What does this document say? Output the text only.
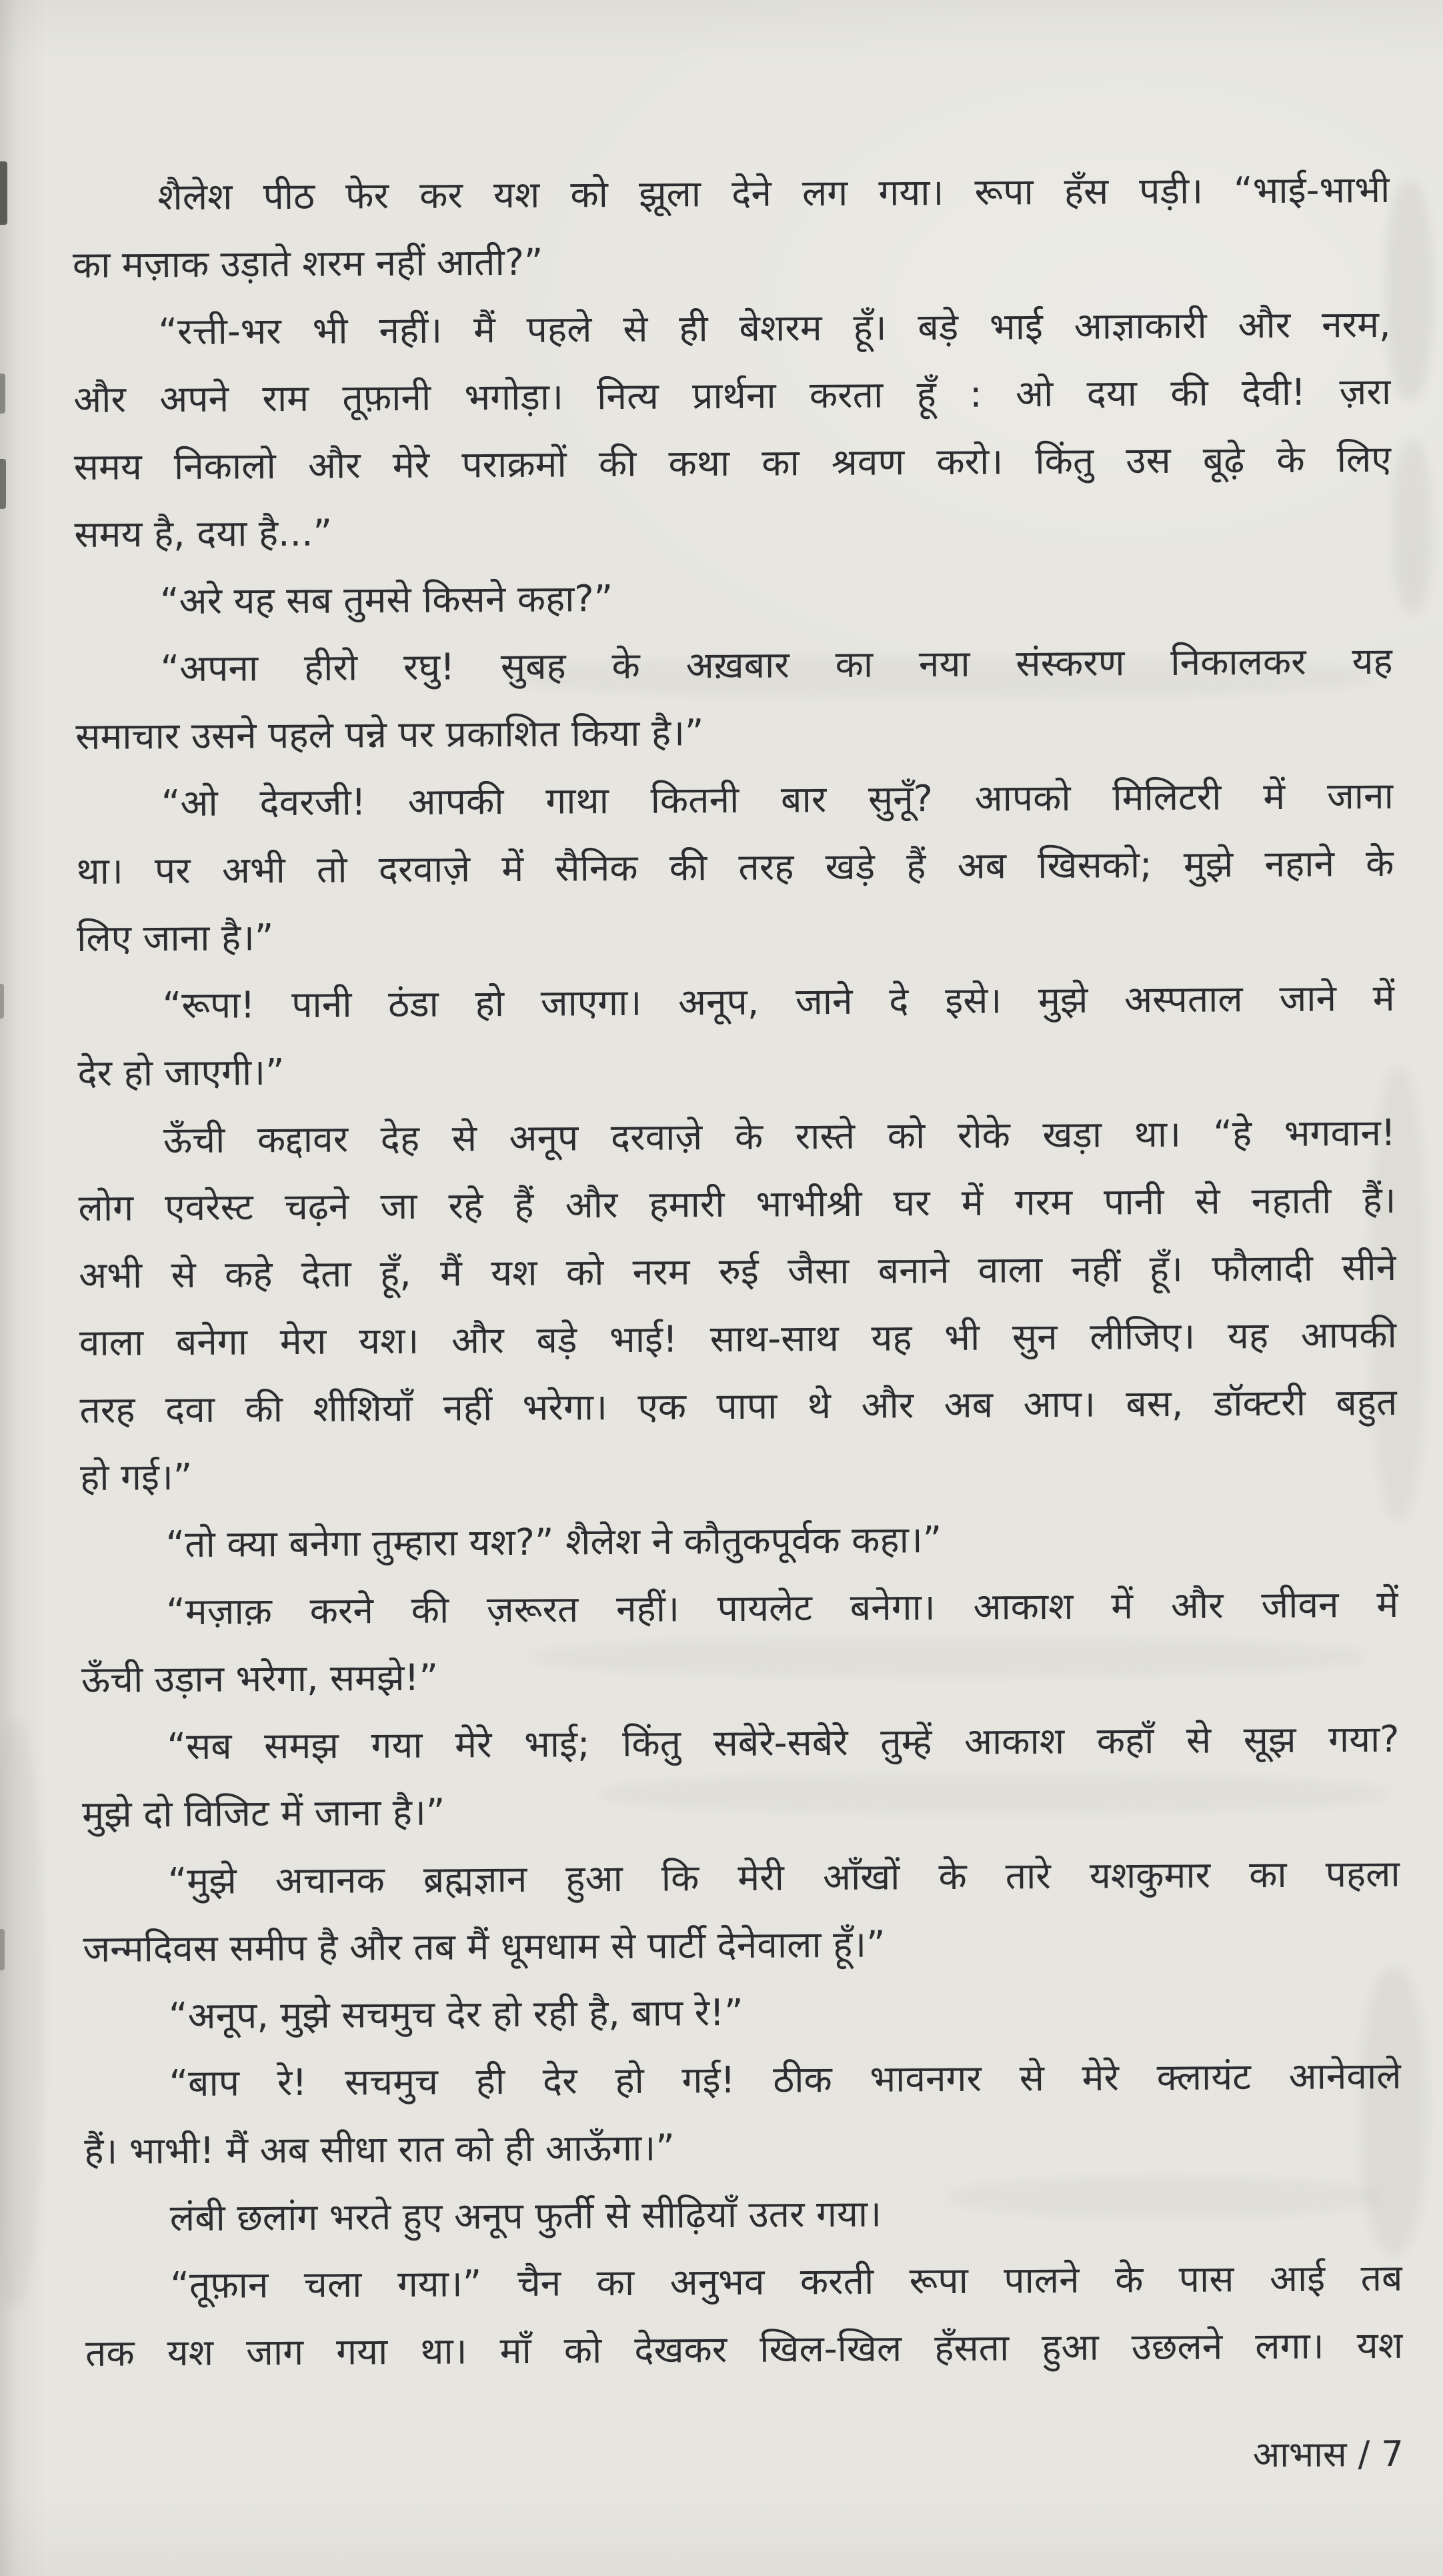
शैलेश पीठ फेर कर यश को झूला देने लग गया। रूपा हँस पड़ी। “भाई-भाभी
का मज़ाक उड़ाते शरम नहीं आती?”
“रत्ती-भर भी नहीं। मैं पहले से ही बेशरम हूँ। बड़े भाई आज्ञाकारी और नरम,
और अपने राम तूफ़ानी भगोड़ा। नित्य प्रार्थना करता हूँ : ओ दया की देवी! ज़रा
समय निकालो और मेरे पराक्रमों की कथा का श्रवण करो। किंतु उस बूढ़े के लिए
समय है, दया है...”
“अरे यह सब तुमसे किसने कहा?”
“अपना हीरो रघु! सुबह के अख़बार का नया संस्करण निकालकर यह
समाचार उसने पहले पन्ने पर प्रकाशित किया है।”
“ओ देवरजी! आपकी गाथा कितनी बार सुनूँ? आपको मिलिटरी में जाना
था। पर अभी तो दरवाज़े में सैनिक की तरह खड़े हैं अब खिसको; मुझे नहाने के
लिए जाना है।”
“रूपा! पानी ठंडा हो जाएगा। अनूप, जाने दे इसे। मुझे अस्पताल जाने में
देर हो जाएगी।”
ऊँची कद्दावर देह से अनूप दरवाज़े के रास्ते को रोके खड़ा था। “हे भगवान!
लोग एवरेस्ट चढ़ने जा रहे हैं और हमारी भाभीश्री घर में गरम पानी से नहाती हैं।
अभी से कहे देता हूँ, मैं यश को नरम रुई जैसा बनाने वाला नहीं हूँ। फौलादी सीने
वाला बनेगा मेरा यश। और बड़े भाई! साथ-साथ यह भी सुन लीजिए। यह आपकी
तरह दवा की शीशियाँ नहीं भरेगा। एक पापा थे और अब आप। बस, डॉक्टरी बहुत
हो गई।”
“तो क्या बनेगा तुम्हारा यश?” शैलेश ने कौतुकपूर्वक कहा।”
“मज़ाक़ करने की ज़रूरत नहीं। पायलेट बनेगा। आकाश में और जीवन में
ऊँची उड़ान भरेगा, समझे!”
“सब समझ गया मेरे भाई; किंतु सबेरे-सबेरे तुम्हें आकाश कहाँ से सूझ गया?
मुझे दो विजिट में जाना है।”
“मुझे अचानक ब्रह्मज्ञान हुआ कि मेरी आँखों के तारे यशकुमार का पहला
जन्मदिवस समीप है और तब मैं धूमधाम से पार्टी देनेवाला हूँ।”
“अनूप, मुझे सचमुच देर हो रही है, बाप रे!”
“बाप रे! सचमुच ही देर हो गई! ठीक भावनगर से मेरे क्लायंट आनेवाले
हैं। भाभी! मैं अब सीधा रात को ही आऊँगा।”
लंबी छलांग भरते हुए अनूप फुर्ती से सीढ़ियाँ उतर गया।
“तूफ़ान चला गया।” चैन का अनुभव करती रूपा पालने के पास आई तब
तक यश जाग गया था। माँ को देखकर खिल-खिल हँसता हुआ उछलने लगा। यश
आभास / 7
